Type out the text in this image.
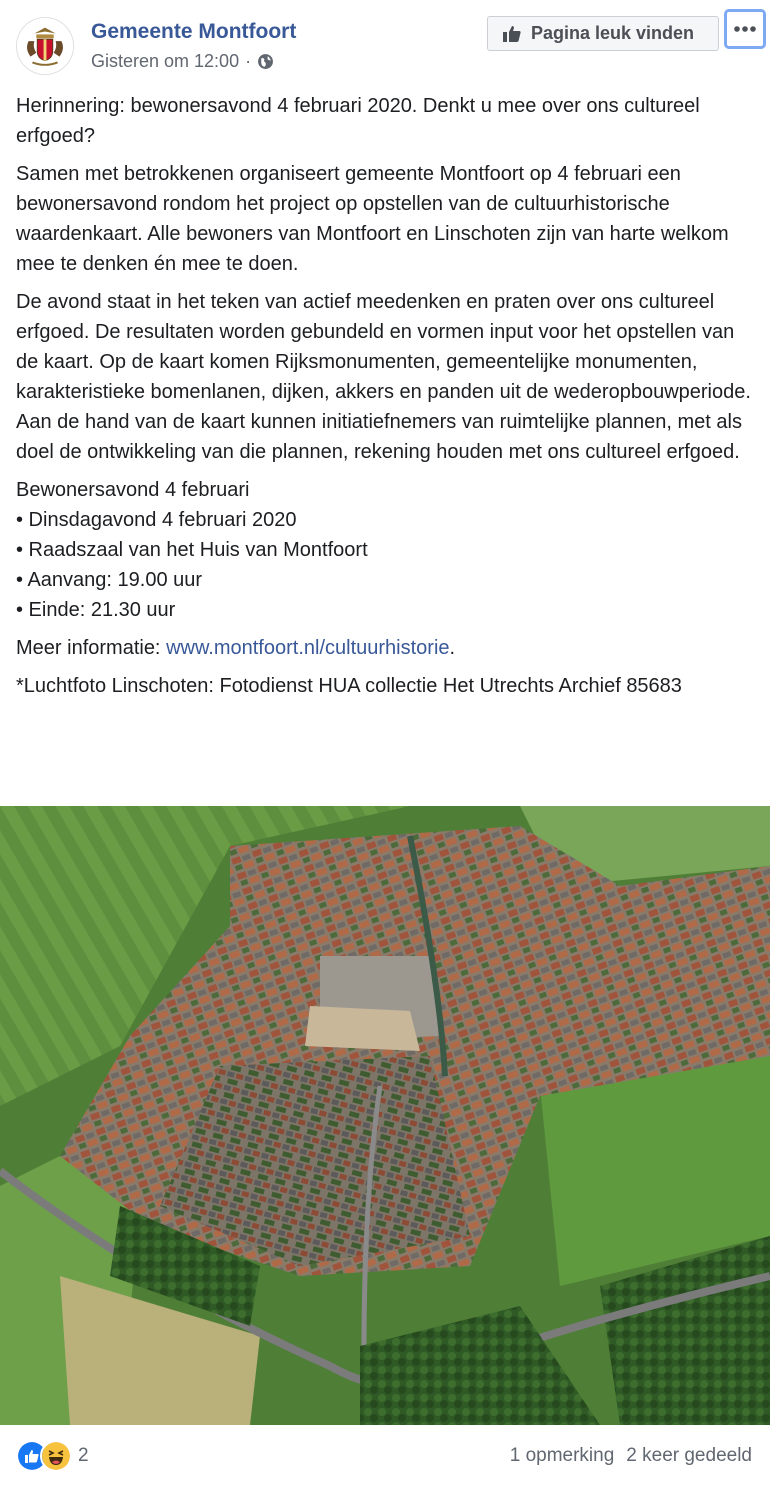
Gemeente Montfoort
Gisteren om 12:00 ·
Pagina leuk vinden

Herinnering: bewonersavond 4 februari 2020. Denkt u mee over ons cultureel erfgoed?

Samen met betrokkenen organiseert gemeente Montfoort op 4 februari een bewonersavond rondom het project op opstellen van de cultuurhistorische waardenkaart. Alle bewoners van Montfoort en Linschoten zijn van harte welkom mee te denken én mee te doen.

De avond staat in het teken van actief meedenken en praten over ons cultureel erfgoed. De resultaten worden gebundeld en vormen input voor het opstellen van de kaart. Op de kaart komen Rijksmonumenten, gemeentelijke monumenten, karakteristieke bomenlanen, dijken, akkers en panden uit de wederopbouwperiode. Aan de hand van de kaart kunnen initiatiefnemers van ruimtelijke plannen, met als doel de ontwikkeling van die plannen, rekening houden met ons cultureel erfgoed.

Bewonersavond 4 februari

• Dinsdagavond 4 februari 2020

• Raadszaal van het Huis van Montfoort

• Aanvang: 19.00 uur

• Einde: 21.30 uur

Meer informatie: www.montfoort.nl/cultuurhistorie.

*Luchtfoto Linschoten: Fotodienst HUA collectie Het Utrechts Archief 85683

2	1 opmerking 2 keer gedeeld
